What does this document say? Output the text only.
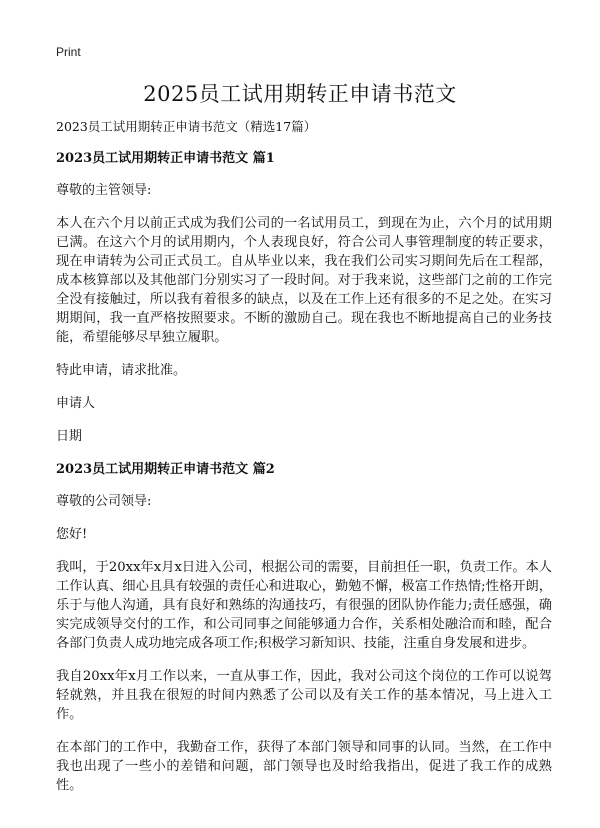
Print
2025员工试用期转正申请书范文

2023员工试用期转正申请书范文（精选17篇）

2023员工试用期转正申请书范文 篇1

尊敬的主管领导:

本人在六个月以前正式成为我们公司的一名试用员工，到现在为止，六个月的试用期已满。在这六个月的试用期内，个人表现良好，符合公司人事管理制度的转正要求，现在申请转为公司正式员工。自从毕业以来，我在我们公司实习期间先后在工程部，成本核算部以及其他部门分别实习了一段时间。对于我来说，这些部门之前的工作完全没有接触过，所以我有着很多的缺点，以及在工作上还有很多的不足之处。在实习期期间，我一直严格按照要求。不断的激励自己。现在我也不断地提高自己的业务技能，希望能够尽早独立履职。

特此申请，请求批准。

申请人

日期

2023员工试用期转正申请书范文 篇2

尊敬的公司领导:

您好!

我叫，于20xx年x月x日进入公司，根据公司的需要，目前担任一职，负责工作。本人工作认真、细心且具有较强的责任心和进取心，勤勉不懈，极富工作热情;性格开朗，乐于与他人沟通，具有良好和熟练的沟通技巧，有很强的团队协作能力;责任感强，确实完成领导交付的工作，和公司同事之间能够通力合作，关系相处融洽而和睦，配合各部门负责人成功地完成各项工作;积极学习新知识、技能，注重自身发展和进步。

我自20xx年x月工作以来，一直从事工作，因此，我对公司这个岗位的工作可以说驾轻就熟，并且我在很短的时间内熟悉了公司以及有关工作的基本情况，马上进入工作。

在本部门的工作中，我勤奋工作，获得了本部门领导和同事的认同。当然，在工作中我也出现了一些小的差错和问题，部门领导也及时给我指出，促进了我工作的成熟性。
